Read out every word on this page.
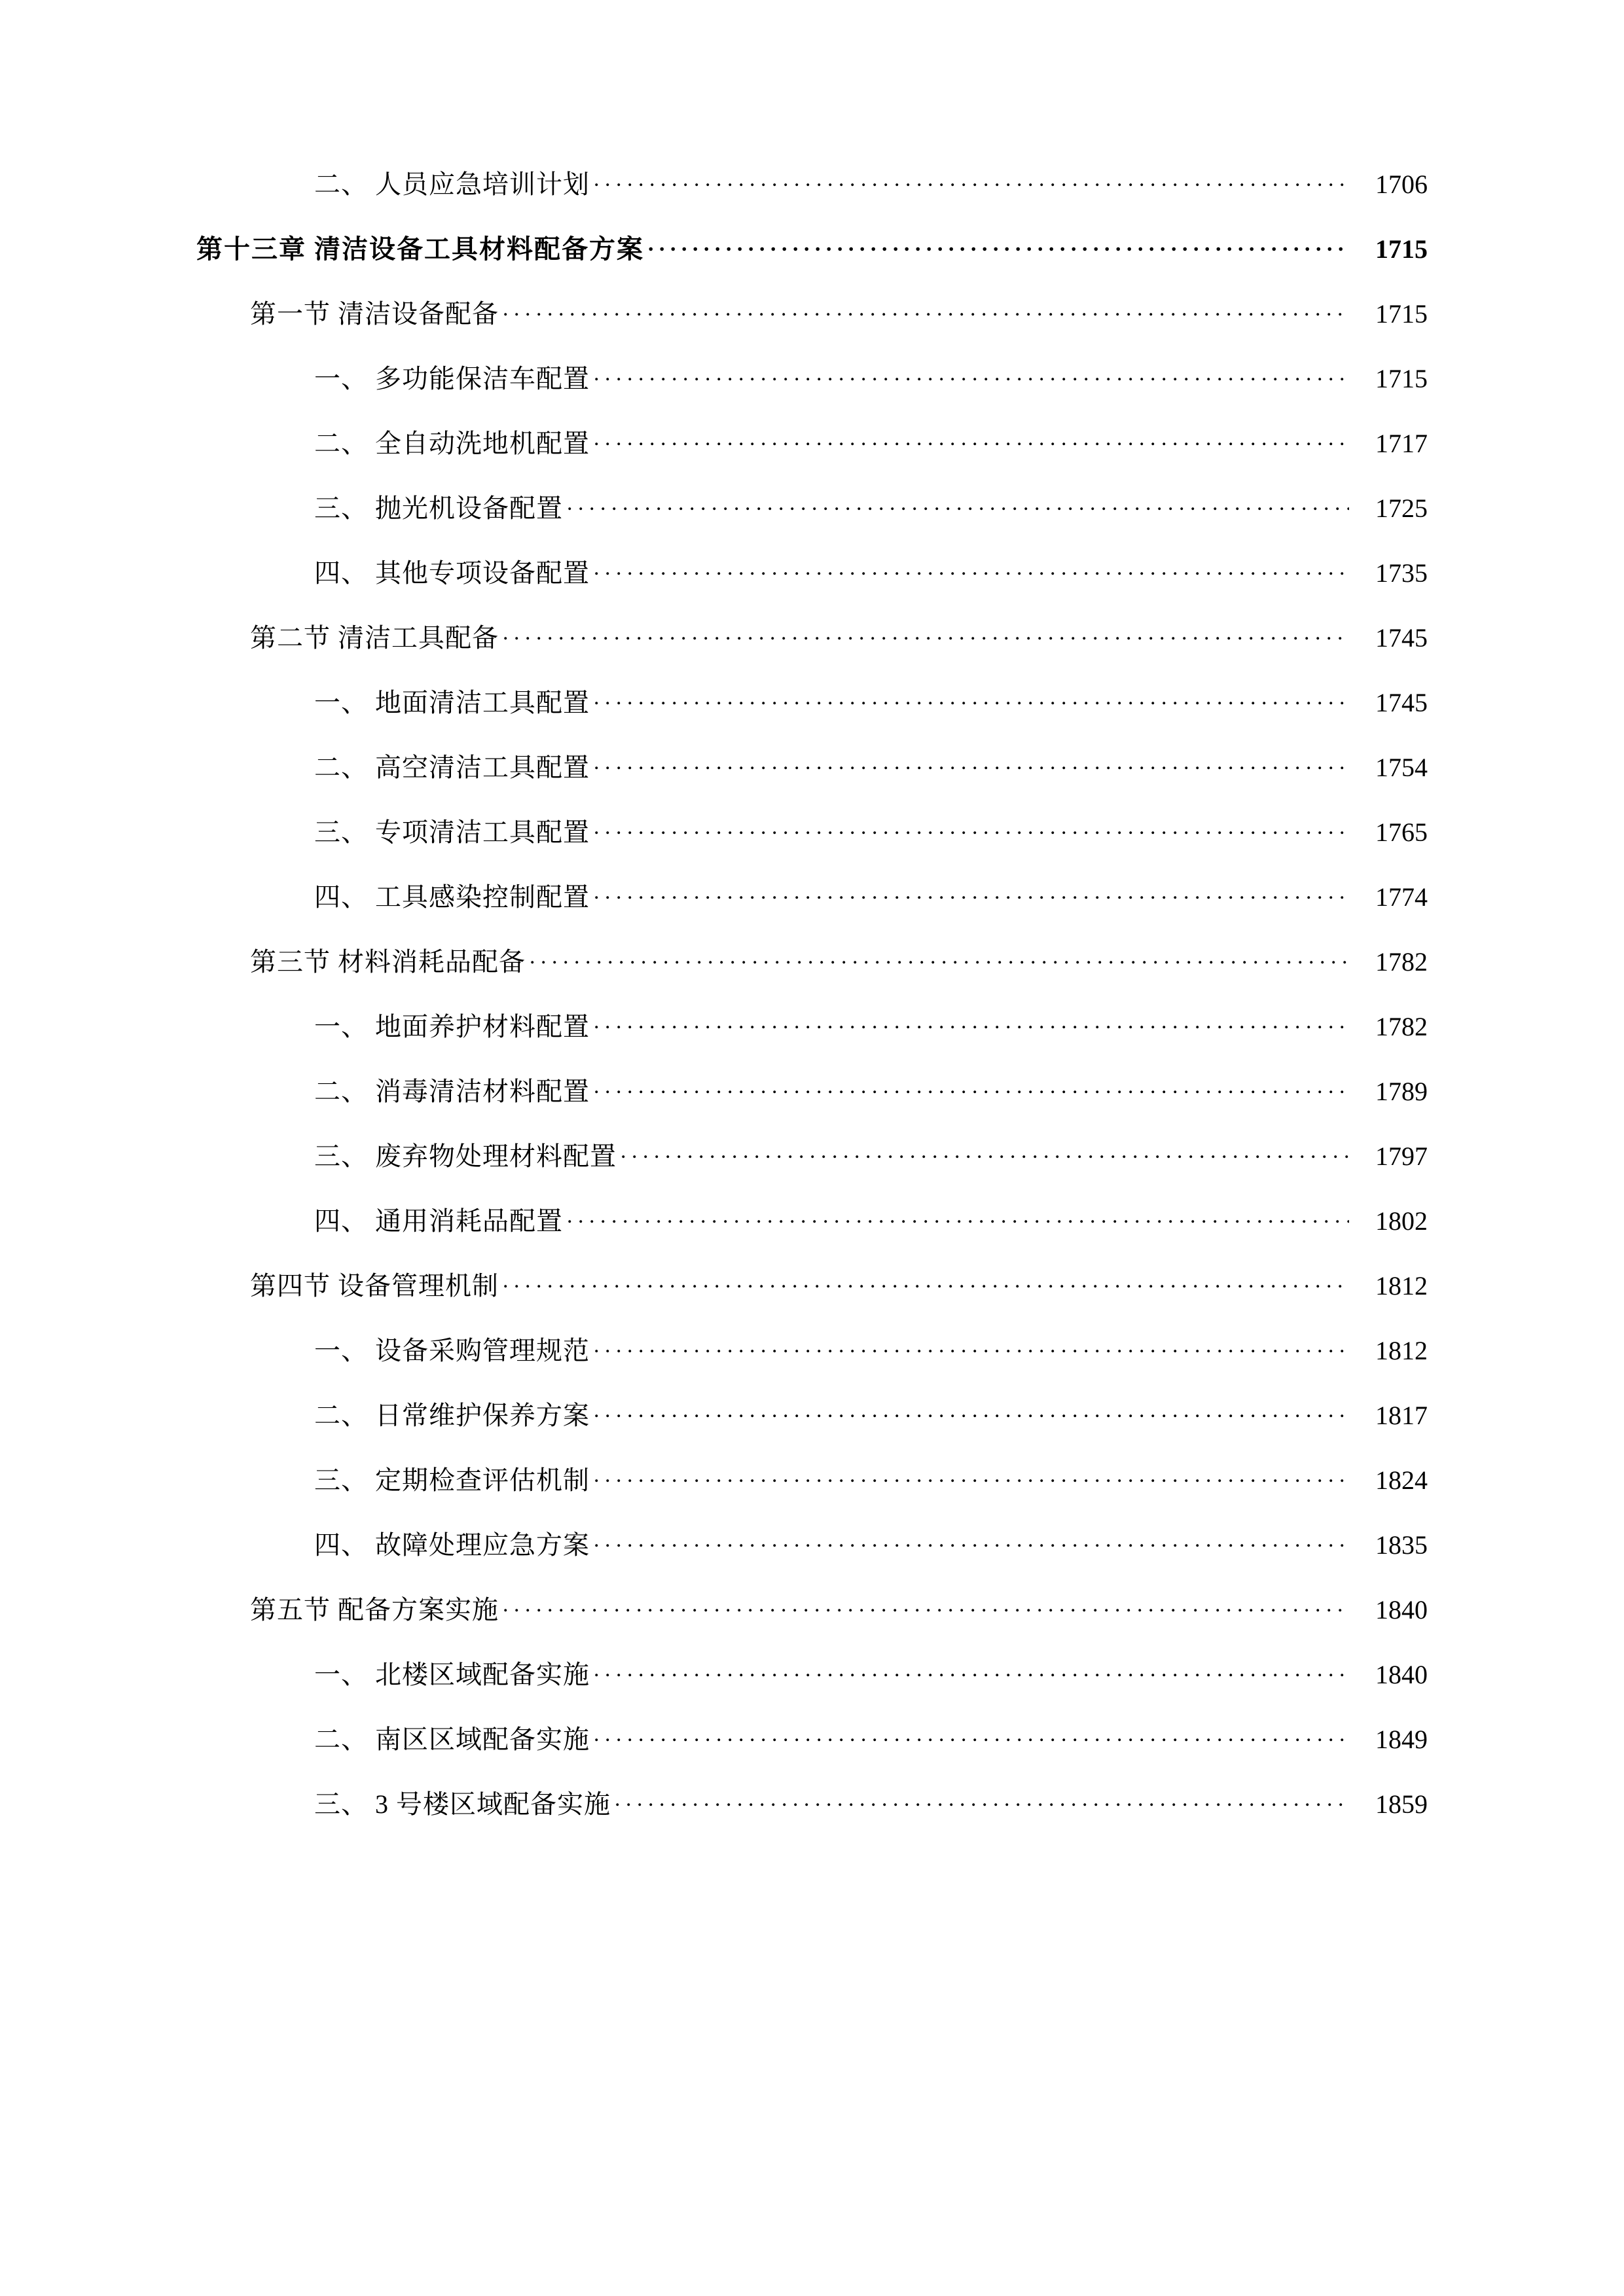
二、 人员应急培训计划 . . .	1706
第十三章 清洁设备工具材料配备方案 . . .	1715
第一节 清洁设备配备 . . .	1715
一、 多功能保洁车配置 . . .	1715
二、 全自动洗地机配置 . . .	1717
三、 抛光机设备配置 . . .	1725
四、 其他专项设备配置 . . .	1735
第二节 清洁工具配备 . . .	1745
一、 地面清洁工具配置 . . .	1745
二、 高空清洁工具配置 . . .	1754
三、 专项清洁工具配置 . . .	1765
四、 工具感染控制配置 . . .	1774
第三节 材料消耗品配备 . . .	1782
一、 地面养护材料配置 . . .	1782
二、 消毒清洁材料配置 . . .	1789
三、 废弃物处理材料配置 . . .	1797
四、 通用消耗品配置 . . .	1802
第四节 设备管理机制 . . .	1812
一、 设备采购管理规范 . . .	1812
二、 日常维护保养方案 . . .	1817
三、 定期检查评估机制 . . .	1824
四、 故障处理应急方案 . . .	1835
第五节 配备方案实施 . . .	1840
一、 北楼区域配备实施 . . .	1840
二、 南区区域配备实施 . . .	1849
三、 3 号楼区域配备实施 . . .	1859
